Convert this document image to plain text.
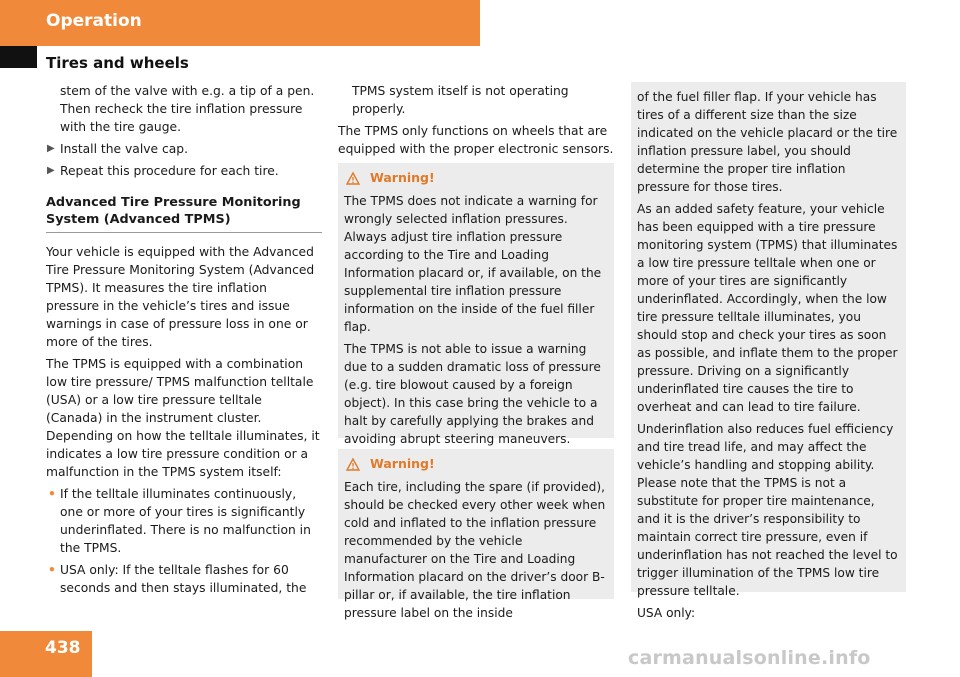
Operation
Tires and wheels

stem of the valve with e.g. a tip of a pen. Then recheck the tire inflation pressure with the tire gauge.

▶ Install the valve cap.
▶ Repeat this procedure for each tire.
Advanced Tire Pressure Monitoring System (Advanced TPMS)

Your vehicle is equipped with the Advanced Tire Pressure Monitoring System (Advanced TPMS). It measures the tire inflation pressure in the vehicle’s tires and issue warnings in case of pressure loss in one or more of the tires.

The TPMS is equipped with a combination low tire pressure/ TPMS malfunction telltale (USA) or a low tire pressure telltale (Canada) in the instrument cluster. Depending on how the telltale illuminates, it indicates a low tire pressure condition or a malfunction in the TPMS system itself:

• If the telltale illuminates continuously, one or more of your tires is significantly underinflated. There is no malfunction in the TPMS.
• USA only: If the telltale flashes for 60 seconds and then stays illuminated, the

TPMS system itself is not operating properly.

The TPMS only functions on wheels that are equipped with the proper electronic sensors.

Warning!

The TPMS does not indicate a warning for wrongly selected inflation pressures. Always adjust tire inflation pressure according to the Tire and Loading Information placard or, if available, on the supplemental tire inflation pressure information on the inside of the fuel filler flap.

The TPMS is not able to issue a warning due to a sudden dramatic loss of pressure (e.g. tire blowout caused by a foreign object). In this case bring the vehicle to a halt by carefully applying the brakes and avoiding abrupt steering maneuvers.

Warning!

Each tire, including the spare (if provided), should be checked every other week when cold and inflated to the inflation pressure recommended by the vehicle manufacturer on the Tire and Loading Information placard on the driver’s door B-pillar or, if available, the tire inflation pressure label on the inside

of the fuel filler flap. If your vehicle has tires of a different size than the size indicated on the vehicle placard or the tire inflation pressure label, you should determine the proper tire inflation pressure for those tires.

As an added safety feature, your vehicle has been equipped with a tire pressure monitoring system (TPMS) that illuminates a low tire pressure telltale when one or more of your tires are significantly underinflated. Accordingly, when the low tire pressure telltale illuminates, you should stop and check your tires as soon as possible, and inflate them to the proper pressure. Driving on a significantly underinflated tire causes the tire to overheat and can lead to tire failure.

Underinflation also reduces fuel efficiency and tire tread life, and may affect the vehicle’s handling and stopping ability. Please note that the TPMS is not a substitute for proper tire maintenance, and it is the driver’s responsibility to maintain correct tire pressure, even if underinflation has not reached the level to trigger illumination of the TPMS low tire pressure telltale.

USA only:

438	carmanualsonline.info
